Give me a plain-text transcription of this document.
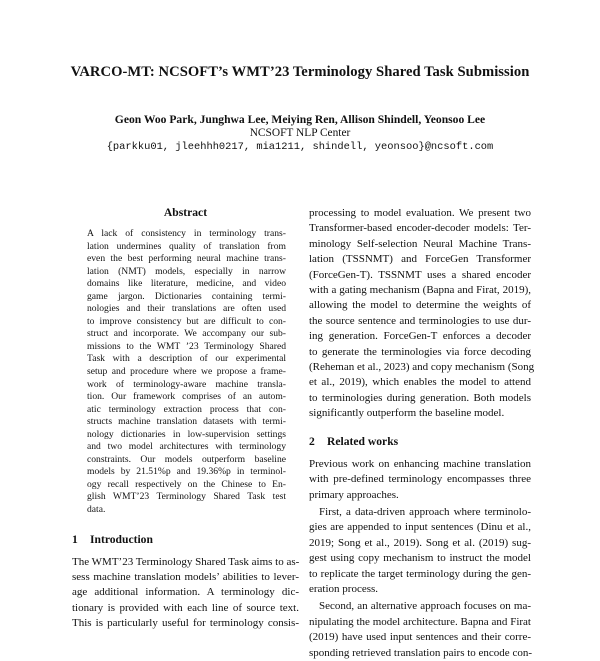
VARCO-MT: NCSOFT’s WMT’23 Terminology Shared Task Submission
Geon Woo Park, Junghwa Lee, Meiying Ren, Allison Shindell, Yeonsoo Lee
NCSOFT NLP Center
{parkku01, jleehhh0217, mia1211, shindell, yeonsoo}@ncsoft.com
Abstract
A lack of consistency in terminology trans-
lation undermines quality of translation from
even the best performing neural machine trans-
lation (NMT) models, especially in narrow
domains like literature, medicine, and video
game jargon. Dictionaries containing termi-
nologies and their translations are often used
to improve consistency but are difficult to con-
struct and incorporate. We accompany our sub-
missions to the WMT ’23 Terminology Shared
Task with a description of our experimental
setup and procedure where we propose a frame-
work of terminology-aware machine transla-
tion. Our framework comprises of an autom-
atic terminology extraction process that con-
structs machine translation datasets with termi-
nology dictionaries in low-supervision settings
and two model architectures with terminology
constraints. Our models outperform baseline
models by 21.51%p and 19.36%p in terminol-
ogy recall respectively on the Chinese to En-
glish WMT’23 Terminology Shared Task test
data.
1 Introduction
The WMT’23 Terminology Shared Task aims to as-
sess machine translation models’ abilities to lever-
age additional information. A terminology dic-
tionary is provided with each line of source text.
This is particularly useful for terminology consis-
processing to model evaluation. We present two
Transformer-based encoder-decoder models: Ter-
minology Self-selection Neural Machine Trans-
lation (TSSNMT) and ForceGen Transformer
(ForceGen-T). TSSNMT uses a shared encoder
with a gating mechanism (Bapna and Firat, 2019),
allowing the model to determine the weights of
the source sentence and terminologies to use dur-
ing generation. ForceGen-T enforces a decoder
to generate the terminologies via force decoding
(Reheman et al., 2023) and copy mechanism (Song
et al., 2019), which enables the model to attend
to terminologies during generation. Both models
significantly outperform the baseline model.
2 Related works
Previous work on enhancing machine translation
with pre-defined terminology encompasses three
primary approaches.
First, a data-driven approach where terminolo-
gies are appended to input sentences (Dinu et al.,
2019; Song et al., 2019). Song et al. (2019) sug-
gest using copy mechanism to instruct the model
to replicate the target terminology during the gen-
eration process.
Second, an alternative approach focuses on ma-
nipulating the model architecture. Bapna and Firat
(2019) have used input sentences and their corre-
sponding retrieved translation pairs to encode con-
